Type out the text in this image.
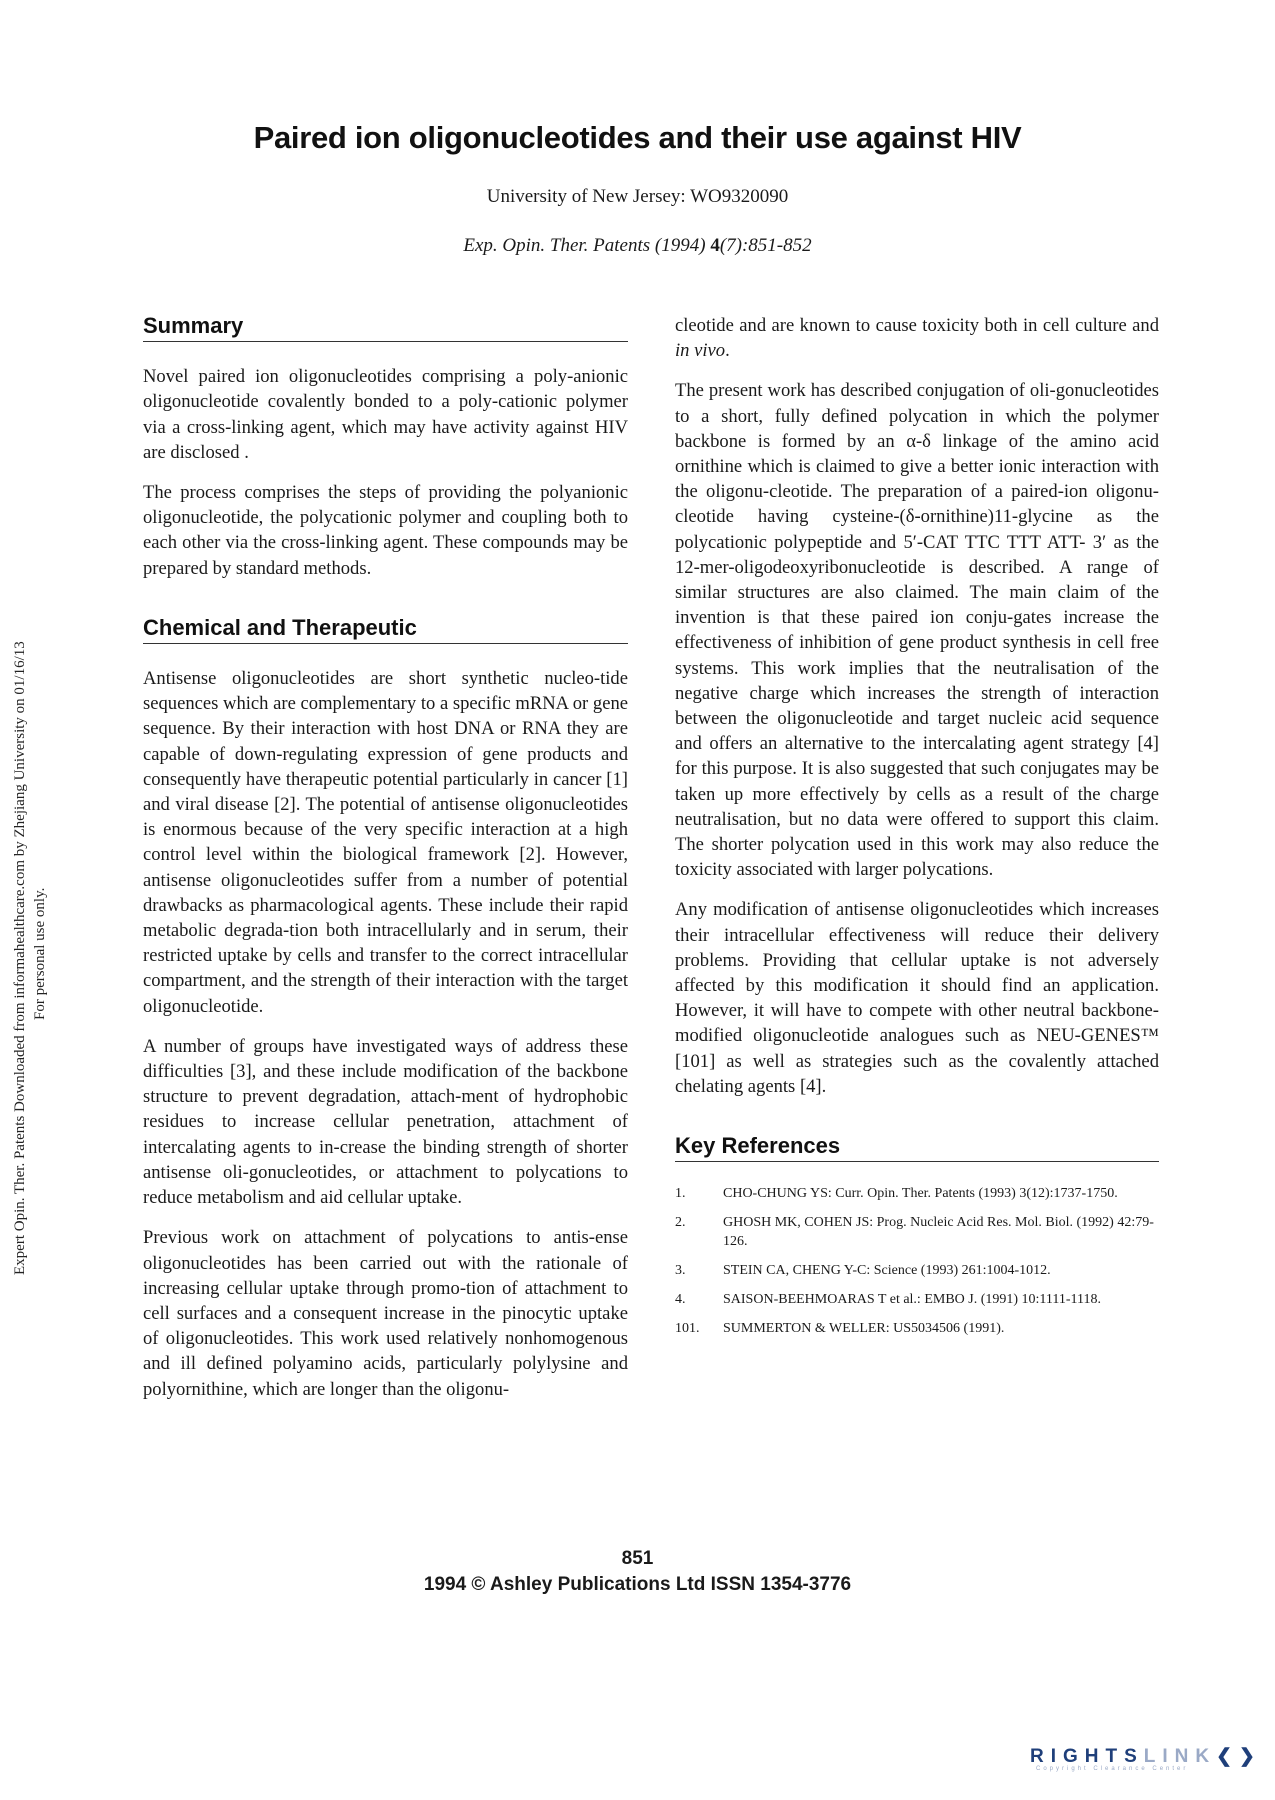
Expert Opin. Ther. Patents Downloaded from informahealthcare.com by Zhejiang University on 01/16/13 For personal use only.
Paired ion oligonucleotides and their use against HIV
University of New Jersey: WO9320090
Exp. Opin. Ther. Patents (1994) 4(7):851-852
Summary

Novel paired ion oligonucleotides comprising a poly-anionic oligonucleotide covalently bonded to a poly-cationic polymer via a cross-linking agent, which may have activity against HIV are disclosed .

The process comprises the steps of providing the polyanionic oligonucleotide, the polycationic polymer and coupling both to each other via the cross-linking agent. These compounds may be prepared by standard methods.

Chemical and Therapeutic

Antisense oligonucleotides are short synthetic nucleo-tide sequences which are complementary to a specific mRNA or gene sequence. By their interaction with host DNA or RNA they are capable of down-regulating expression of gene products and consequently have therapeutic potential particularly in cancer [1] and viral disease [2]. The potential of antisense oligonucleotides is enormous because of the very specific interaction at a high control level within the biological framework [2]. However, antisense oligonucleotides suffer from a number of potential drawbacks as pharmacological agents. These include their rapid metabolic degrada-tion both intracellularly and in serum, their restricted uptake by cells and transfer to the correct intracellular compartment, and the strength of their interaction with the target oligonucleotide.

A number of groups have investigated ways of address these difficulties [3], and these include modification of the backbone structure to prevent degradation, attach-ment of hydrophobic residues to increase cellular penetration, attachment of intercalating agents to in-crease the binding strength of shorter antisense oli-gonucleotides, or attachment to polycations to reduce metabolism and aid cellular uptake.

Previous work on attachment of polycations to antis-ense oligonucleotides has been carried out with the rationale of increasing cellular uptake through promo-tion of attachment to cell surfaces and a consequent increase in the pinocytic uptake of oligonucleotides. This work used relatively nonhomogenous and ill defined polyamino acids, particularly polylysine and polyornithine, which are longer than the oligonu-

cleotide and are known to cause toxicity both in cell culture and in vivo.

The present work has described conjugation of oli-gonucleotides to a short, fully defined polycation in which the polymer backbone is formed by an α-δ linkage of the amino acid ornithine which is claimed to give a better ionic interaction with the oligonu-cleotide. The preparation of a paired-ion oligonu-cleotide having cysteine-(δ-ornithine)11-glycine as the polycationic polypeptide and 5′-CAT TTC TTT ATT- 3′ as the 12-mer-oligodeoxyribonucleotide is described. A range of similar structures are also claimed. The main claim of the invention is that these paired ion conju-gates increase the effectiveness of inhibition of gene product synthesis in cell free systems. This work implies that the neutralisation of the negative charge which increases the strength of interaction between the oligonucleotide and target nucleic acid sequence and offers an alternative to the intercalating agent strategy [4] for this purpose. It is also suggested that such conjugates may be taken up more effectively by cells as a result of the charge neutralisation, but no data were offered to support this claim. The shorter polycation used in this work may also reduce the toxicity associated with larger polycations.

Any modification of antisense oligonucleotides which increases their intracellular effectiveness will reduce their delivery problems. Providing that cellular uptake is not adversely affected by this modification it should find an application. However, it will have to compete with other neutral backbone-modified oligonucleotide analogues such as NEU-GENES™ [101] as well as strategies such as the covalently attached chelating agents [4].

Key References
1.	CHO-CHUNG YS: Curr. Opin. Ther. Patents (1993) 3(12):1737-1750.
2.	GHOSH MK, COHEN JS: Prog. Nucleic Acid Res. Mol. Biol. (1992) 42:79-126.
3.	STEIN CA, CHENG Y-C: Science (1993) 261:1004-1012.
4.	SAISON-BEEHMOARAS T et al.: EMBO J. (1991) 10:1111-1118.
101.	SUMMERTON & WELLER: US5034506 (1991).
851
1994 © Ashley Publications Ltd ISSN 1354-3776
RIGHTSLINK❮❯
Copyright Clearance Center
